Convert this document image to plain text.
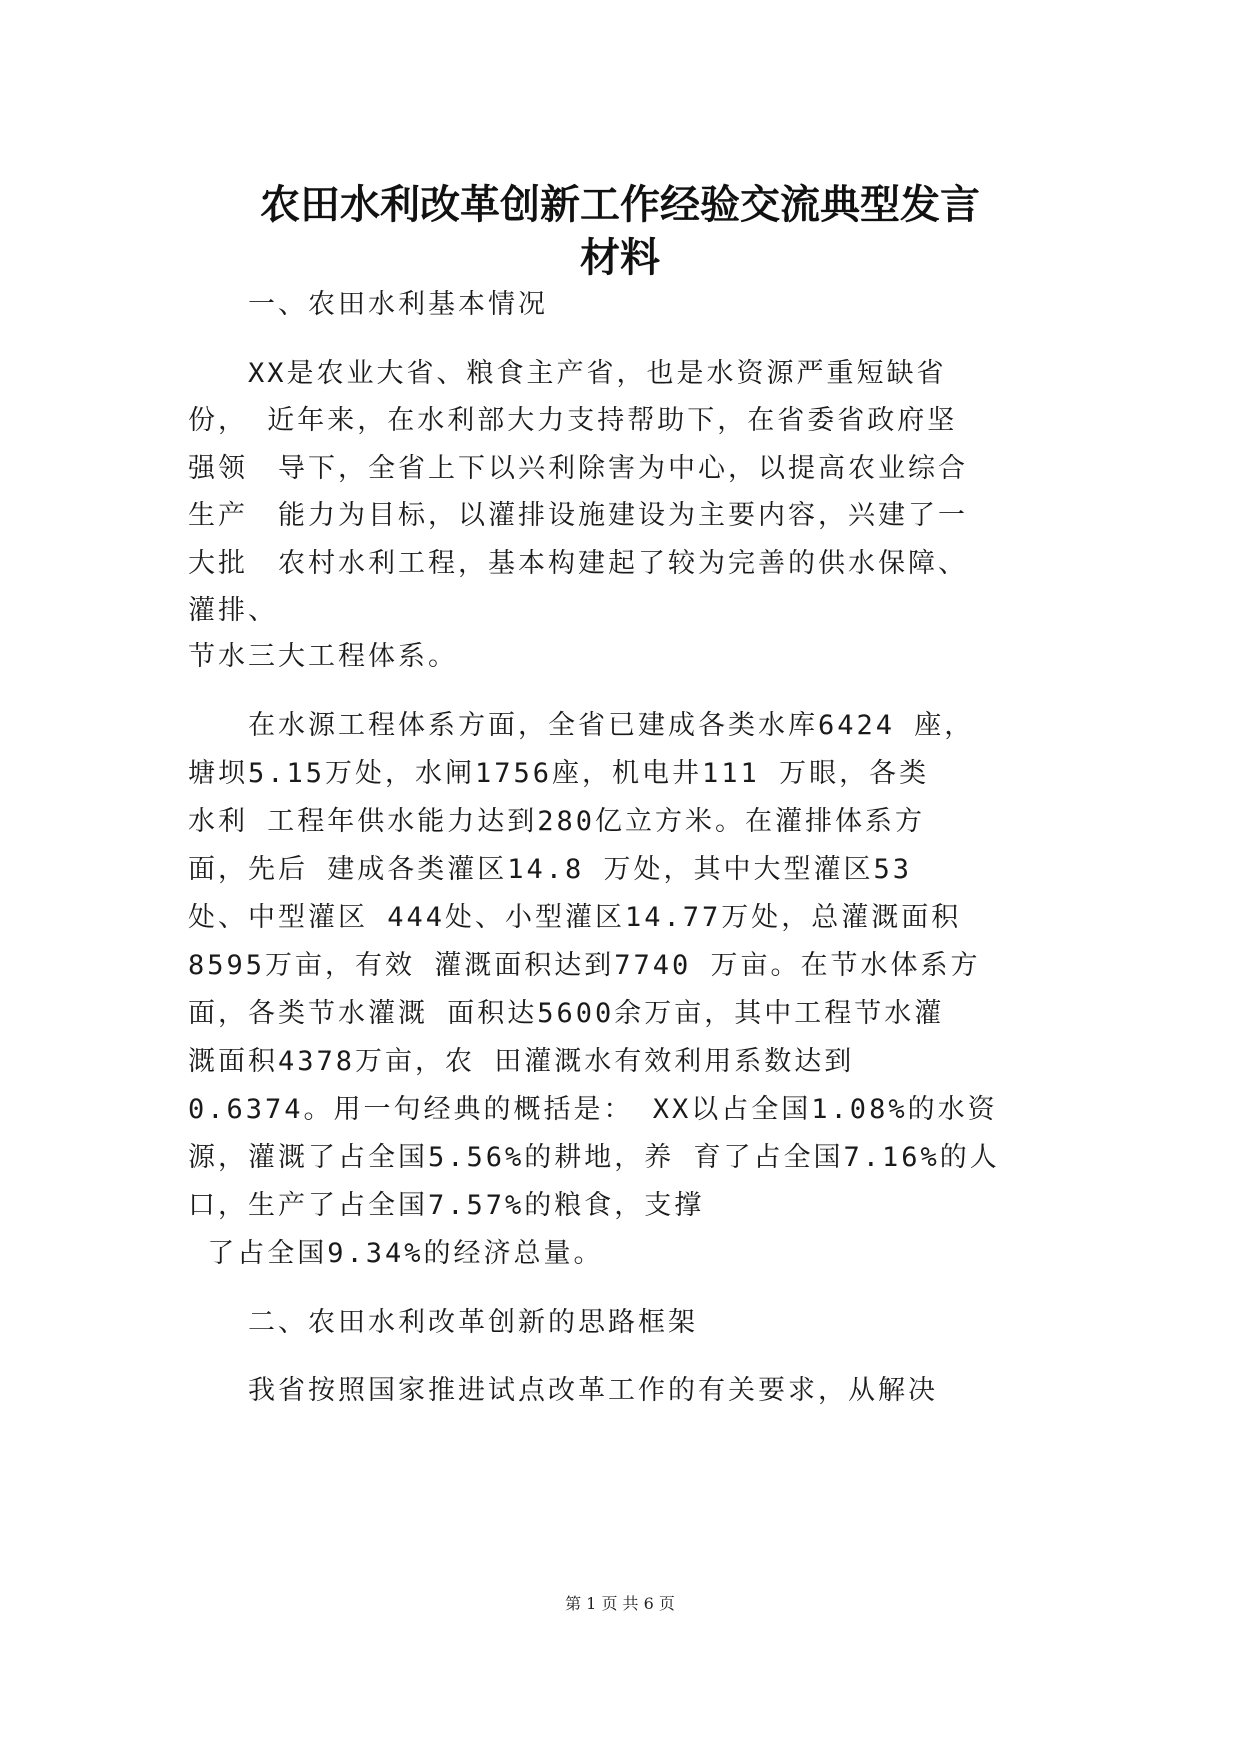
农田水利改革创新工作经验交流典型发言
材料

　　一、农田水利基本情况

　　XX是农业大省、粮食主产省，也是水资源严重短缺省

份， 近年来，在水利部大力支持帮助下，在省委省政府坚

强领　导下，全省上下以兴利除害为中心，以提高农业综合

生产　能力为目标，以灌排设施建设为主要内容，兴建了一

大批　农村水利工程，基本构建起了较为完善的供水保障、

灌排、

节水三大工程体系。

　　在水源工程体系方面，全省已建成各类水库6424 座，

塘坝5.15万处，水闸1756座，机电井111 万眼，各类

水利 工程年供水能力达到280亿立方米。在灌排体系方

面，先后 建成各类灌区14.8 万处，其中大型灌区53

处、中型灌区 444处、小型灌区14.77万处，总灌溉面积

8595万亩，有效 灌溉面积达到7740 万亩。在节水体系方

面，各类节水灌溉 面积达5600余万亩，其中工程节水灌

溉面积4378万亩，农 田灌溉水有效利用系数达到

0.6374。用一句经典的概括是： XX以占全国1.08%的水资

源，灌溉了占全国5.56%的耕地，养 育了占全国7.16%的人

口，生产了占全国7.57%的粮食，支撑

了占全国9.34%的经济总量。

　　二、农田水利改革创新的思路框架

　　我省按照国家推进试点改革工作的有关要求，从解决

第 1 页 共 6 页
